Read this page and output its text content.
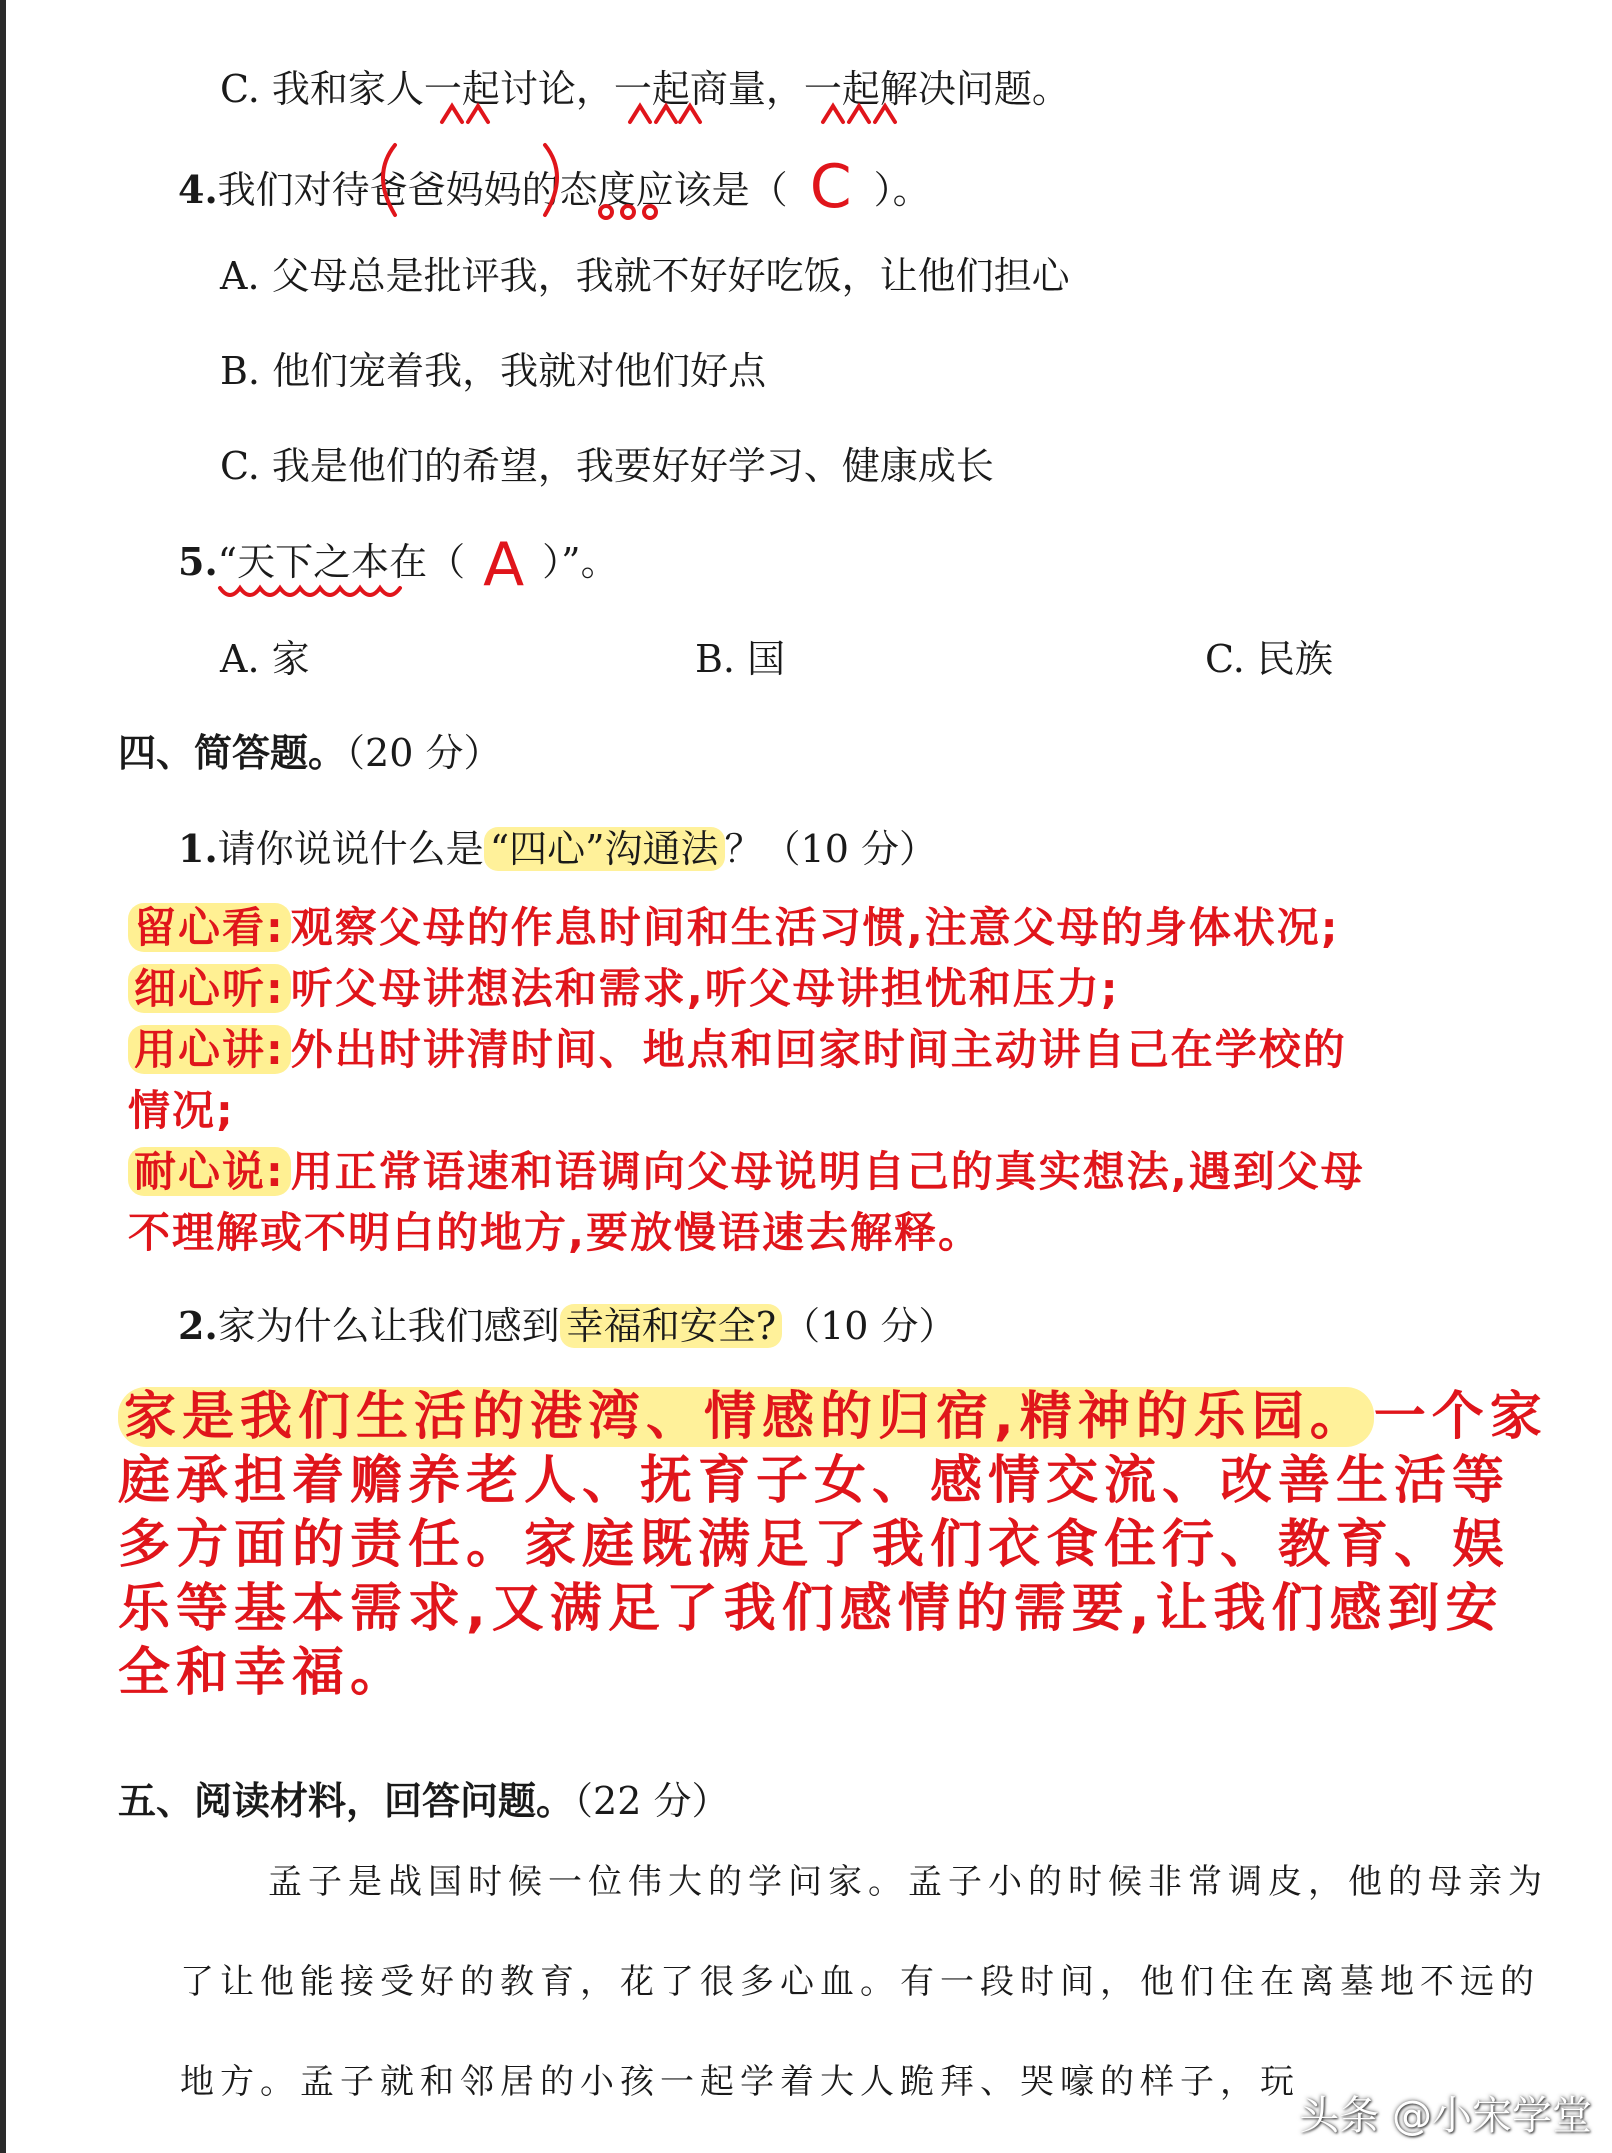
C. 我和家人一起讨论，一起商量，一起解决问题。
4.我们对待爸爸妈妈的态度应该是（ C ）。
A. 父母总是批评我，我就不好好吃饭，让他们担心
B. 他们宠着我，我就对他们好点
C. 我是他们的希望，我要好好学习、健康成长
5.“天下之本在（ A ）”。
A. 家	B. 国	C. 民族
四、简答题。（20 分）
1.请你说说什么是 “四心”沟通法 ？（10 分）
留心看: 观察父母的作息时间和生活习惯,注意父母的身体状况;
细心听: 听父母讲想法和需求,听父母讲担忧和压力;
用心讲: 外出时讲清时间、地点和回家时间主动讲自己在学校的
情况;
耐心说: 用正常语速和语调向父母说明自己的真实想法,遇到父母
不理解或不明白的地方,要放慢语速去解释。
2.家为什么让我们感到 幸福和安全? （10 分）
家是我们生活的港湾、情感的归宿,精神的乐园。 一个家庭承担着赡养老人、抚育子女、感情交流、改善生活等多方面的责任。家庭既满足了我们衣食住行、教育、娱乐等基本需求,又满足了我们感情的需要,让我们感到安全和幸福。
五、阅读材料，回答问题。（22 分）
孟子是战国时候一位伟大的学问家。孟子小的时候非常调皮，他的母亲为了让他能接受好的教育，花了很多心血。有一段时间，他们住在离墓地不远的地方。孟子就和邻居的小孩一起学着大人跪拜、哭嚎的样子，玩
头条 @小宋学堂
